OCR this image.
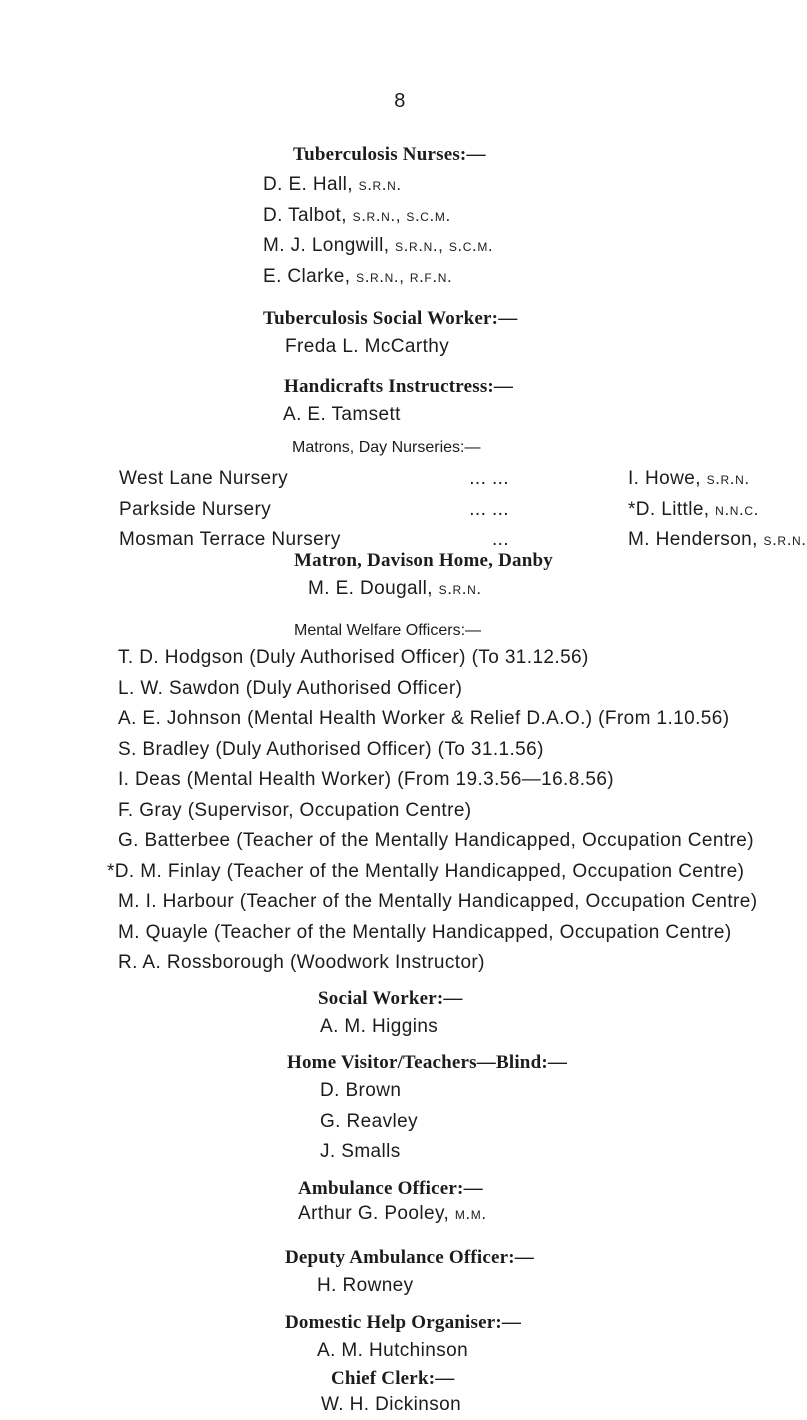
8
Tuberculosis Nurses:—
D. E. Hall, s.r.n.
D. Talbot, s.r.n., s.c.m.
M. J. Longwill, s.r.n., s.c.m.
E. Clarke, s.r.n., r.f.n.
Tuberculosis Social Worker:—
Freda L. McCarthy
Handicrafts Instructress:—
A. E. Tamsett
Matrons, Day Nurseries:—
West Lane Nursery	... ...	I. Howe, s.r.n.
Parkside Nursery	... ...	*D. Little, n.n.c.
Mosman Terrace Nursery	...	M. Henderson, s.r.n.
Matron, Davison Home, Danby
M. E. Dougall, s.r.n.
Mental Welfare Officers:—
T. D. Hodgson (Duly Authorised Officer) (To 31.12.56)
L. W. Sawdon (Duly Authorised Officer)
A. E. Johnson (Mental Health Worker & Relief D.A.O.) (From 1.10.56)
S. Bradley (Duly Authorised Officer) (To 31.1.56)
I. Deas (Mental Health Worker) (From 19.3.56—16.8.56)
F. Gray (Supervisor, Occupation Centre)
G. Batterbee (Teacher of the Mentally Handicapped, Occupation Centre)
*D. M. Finlay (Teacher of the Mentally Handicapped, Occupation Centre)
M. I. Harbour (Teacher of the Mentally Handicapped, Occupation Centre)
M. Quayle (Teacher of the Mentally Handicapped, Occupation Centre)
R. A. Rossborough (Woodwork Instructor)
Social Worker:—
A. M. Higgins
Home Visitor/Teachers—Blind:—
D. Brown
G. Reavley
J. Smalls
Ambulance Officer:—
Arthur G. Pooley, m.m.
Deputy Ambulance Officer:—
H. Rowney
Domestic Help Organiser:—
A. M. Hutchinson
Chief Clerk:—
W. H. Dickinson
